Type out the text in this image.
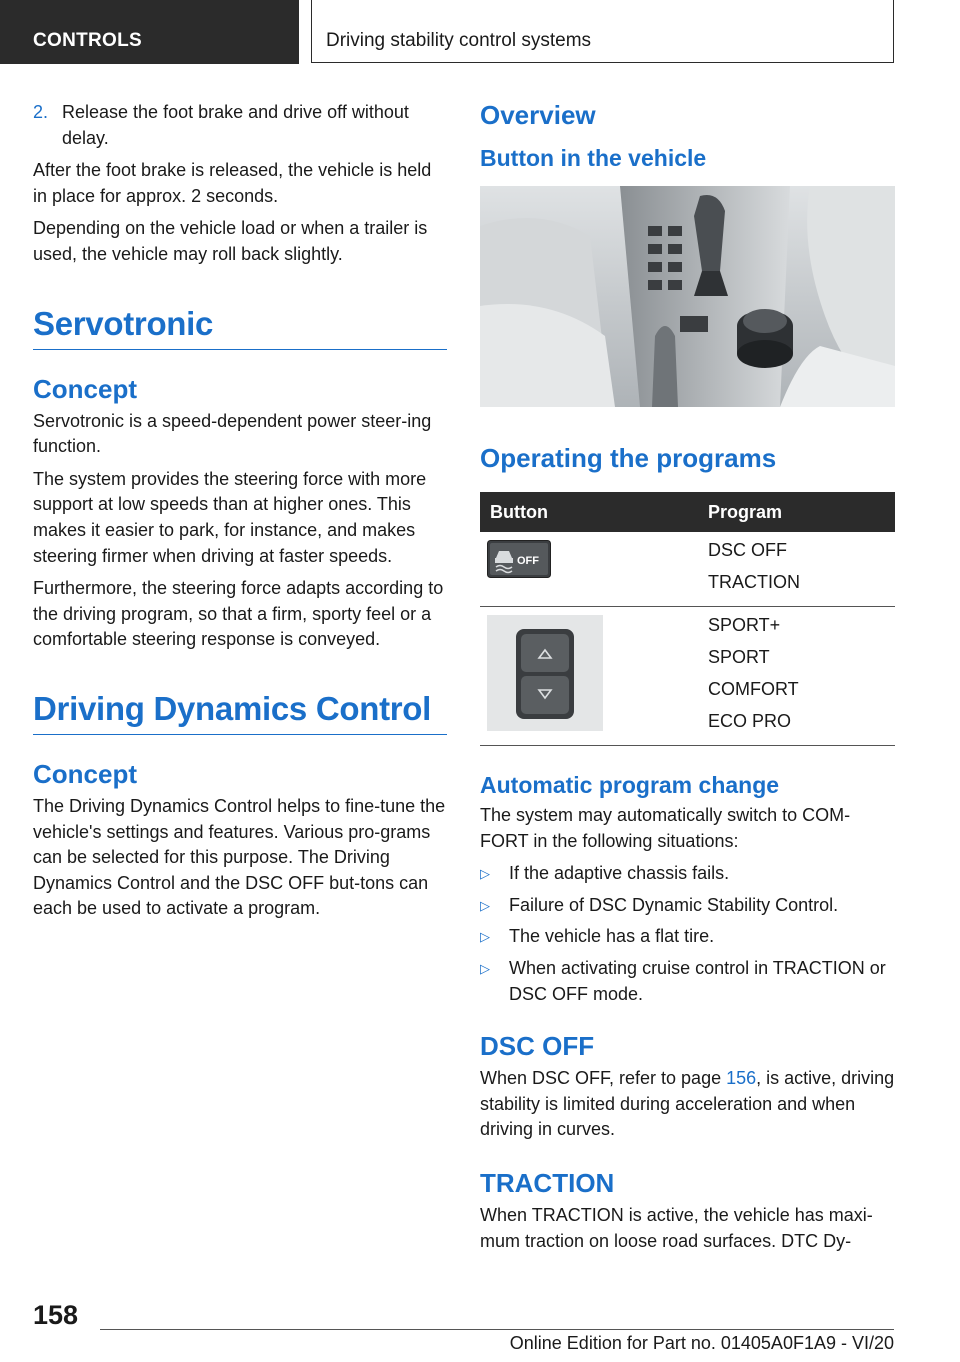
CONTROLS	Driving stability control systems
2. Release the foot brake and drive off without delay.

After the foot brake is released, the vehicle is held in place for approx. 2 seconds.

Depending on the vehicle load or when a trailer is used, the vehicle may roll back slightly.

Servotronic
Concept

Servotronic is a speed-dependent power steer-ing function.

The system provides the steering force with more support at low speeds than at higher ones. This makes it easier to park, for instance, and makes steering firmer when driving at faster speeds.

Furthermore, the steering force adapts according to the driving program, so that a firm, sporty feel or a comfortable steering response is conveyed.

Driving Dynamics Control
Concept

The Driving Dynamics Control helps to fine-tune the vehicle's settings and features. Various pro-grams can be selected for this purpose. The Driving Dynamics Control and the DSC OFF but-tons can each be used to activate a program.

Overview
Button in the vehicle
Operating the programs
Button	Program

OFF	DSC OFF
TRACTION

SPORT+
SPORT
COMFORT
ECO PRO
Automatic program change

The system may automatically switch to COM-FORT in the following situations:

▷	If the adaptive chassis fails.
▷	Failure of DSC Dynamic Stability Control.
▷	The vehicle has a flat tire.
▷	When activating cruise control in TRACTION or DSC OFF mode.
DSC OFF

When DSC OFF, refer to page 156, is active, driving stability is limited during acceleration and when driving in curves.

TRACTION

When TRACTION is active, the vehicle has maxi-mum traction on loose road surfaces. DTC Dy-

158
Online Edition for Part no. 01405A0F1A9 - VI/20
